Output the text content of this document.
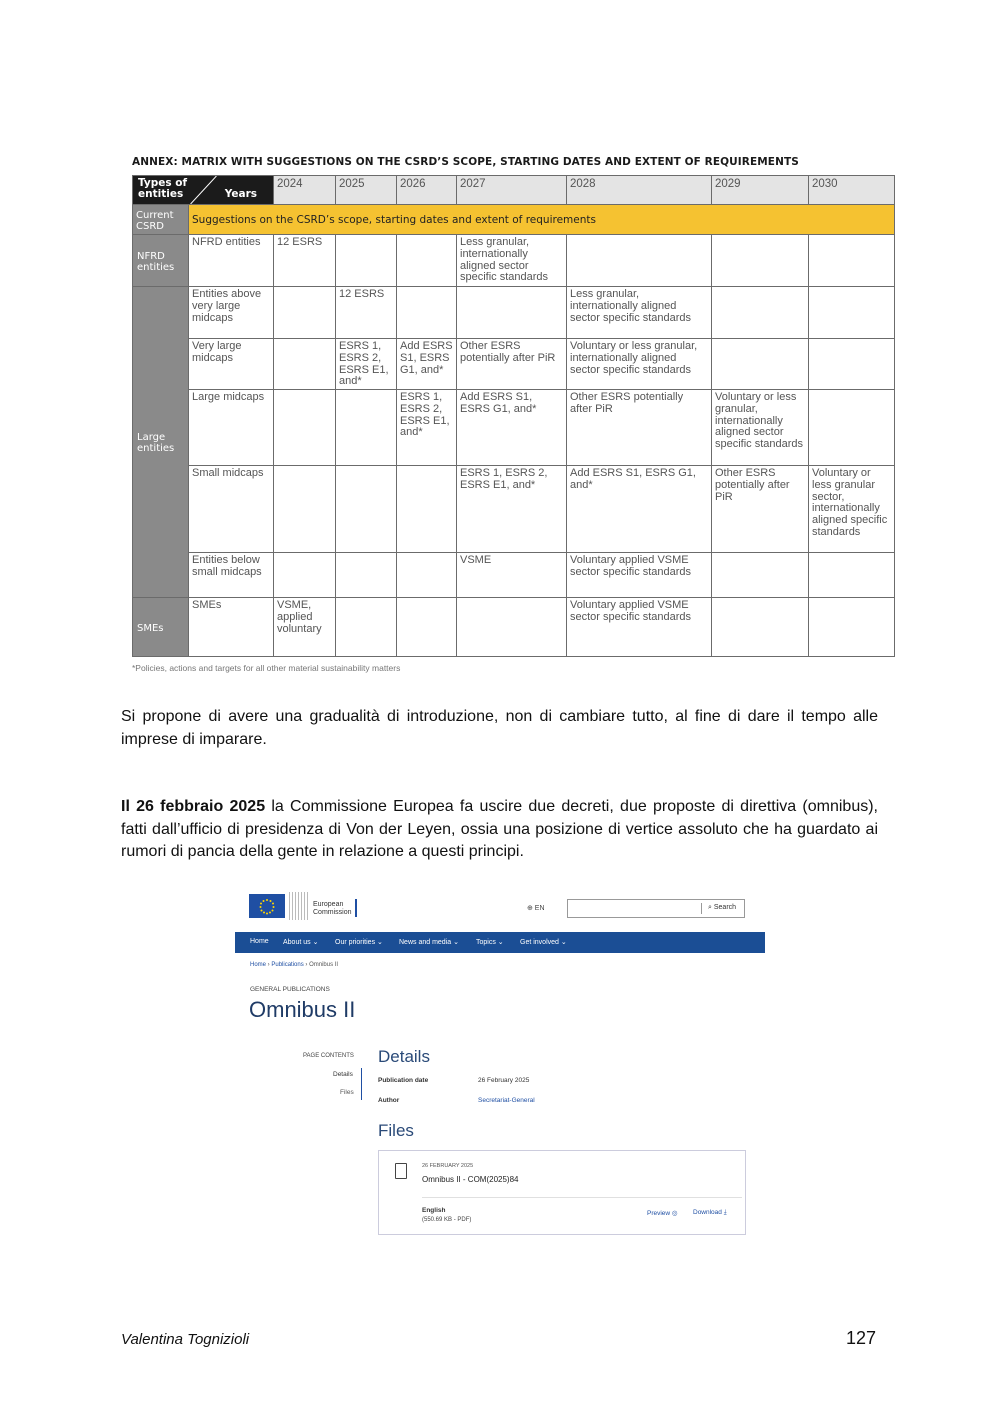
ANNEX: MATRIX WITH SUGGESTIONS ON THE CSRD’S SCOPE, STARTING DATES AND EXTENT OF REQUIREMENTS
Types of
entities Years		2024	2025	2026	2027	2028	2029	2030
Current
CSRD	Suggestions on the CSRD’s scope, starting dates and extent of requirements							
NFRD
entities	NFRD entities	12 ESRS			Less granular, internationally aligned sector specific standards			
Large
entities	Entities above very large midcaps		12 ESRS			Less granular, internationally aligned sector specific standards		
	Very large midcaps		ESRS 1, ESRS 2, ESRS E1, and*	Add ESRS S1, ESRS G1, and*	Other ESRS potentially after PiR	Voluntary or less granular, internationally aligned sector specific standards		
	Large midcaps			ESRS 1, ESRS 2, ESRS E1, and*	Add ESRS S1, ESRS G1, and*	Other ESRS potentially after PiR	Voluntary or less granular, internationally aligned sector specific standards	
	Small midcaps				ESRS 1, ESRS 2, ESRS E1, and*	Add ESRS S1, ESRS G1, and*	Other ESRS potentially after PiR	Voluntary or less granular sector, internationally aligned specific standards
	Entities below small midcaps				VSME	Voluntary applied VSME sector specific standards		
SMEs	SMEs	VSME, applied voluntary				Voluntary applied VSME sector specific standards		
*Policies, actions and targets for all other material sustainability matters
Si propone di avere una gradualità di introduzione, non di cambiare tutto, al fine di dare il tempo alle imprese di imparare.
Il 26 febbraio 2025 la Commissione Europea fa uscire due decreti, due proposte di direttiva (omnibus), fatti dall’ufficio di presidenza di Von der Leyen, ossia una posizione di vertice assoluto che ha guardato ai rumori di pancia della gente in relazione a questi principi.
European
Commission
⊕ EN	⌕ Search
Home About us ⌄ Our priorities ⌄ News and media ⌄ Topics ⌄ Get involved ⌄
Home › Publications › Omnibus II
GENERAL PUBLICATIONS
Omnibus II
PAGE CONTENTS
Details
Files
Details
Publication date	26 February 2025
Author	Secretariat-General
Files
26 FEBRUARY 2025
Omnibus II - COM(2025)84
English
(550.69 KB - PDF)
Preview ◎ Download ⤓
Valentina Tognizioli	127
